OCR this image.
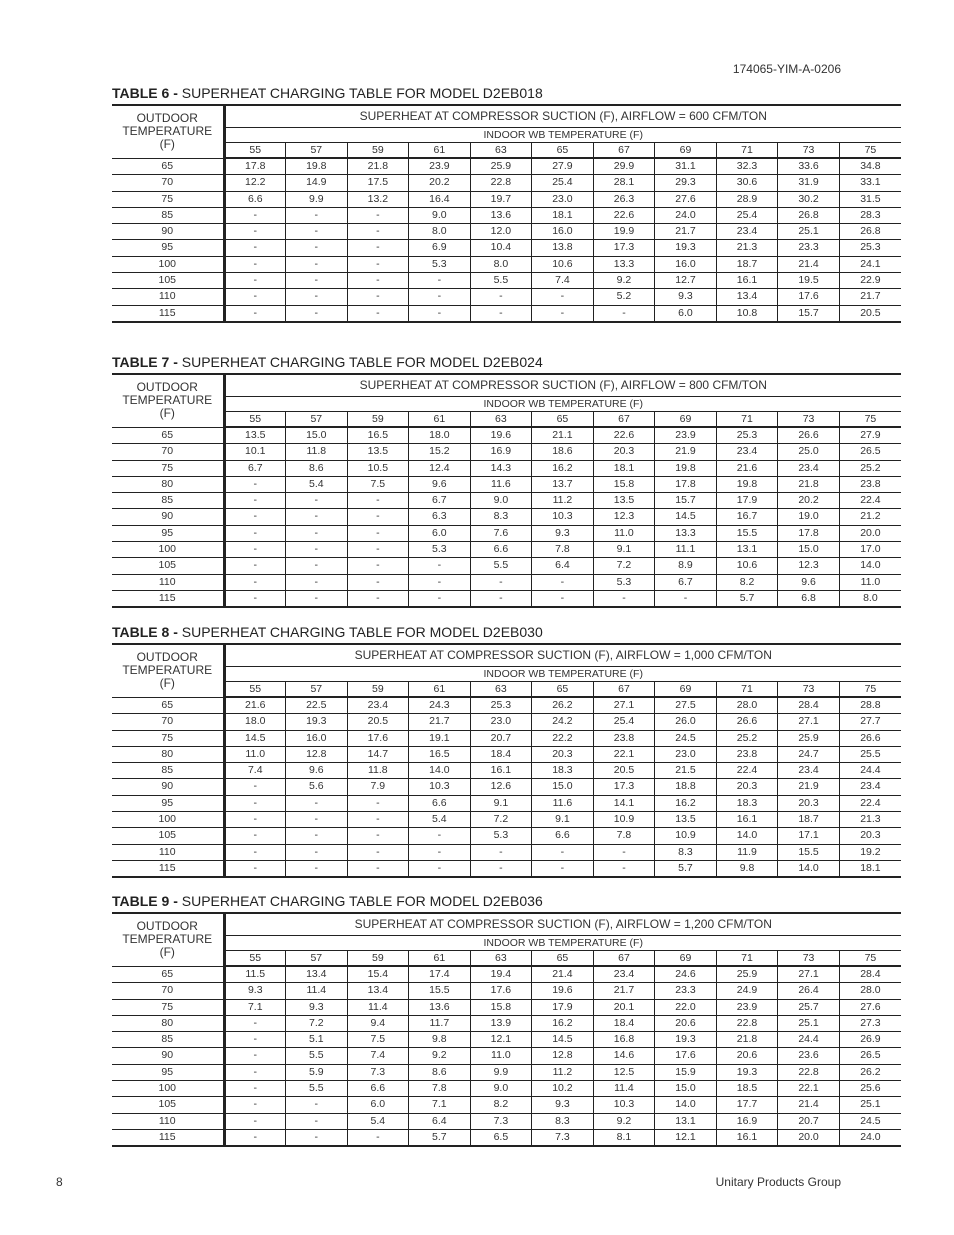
174065-YIM-A-0206
TABLE 6 - SUPERHEAT CHARGING TABLE FOR MODEL D2EB018
OUTDOOR
TEMPERATURE
(F)	SUPERHEAT AT COMPRESSOR SUCTION (F), AIRFLOW = 600 CFM/TON										
	INDOOR WB TEMPERATURE (F)										
	55	57	59	61	63	65	67	69	71	73	75
65	17.8	19.8	21.8	23.9	25.9	27.9	29.9	31.1	32.3	33.6	34.8
70	12.2	14.9	17.5	20.2	22.8	25.4	28.1	29.3	30.6	31.9	33.1
75	6.6	9.9	13.2	16.4	19.7	23.0	26.3	27.6	28.9	30.2	31.5
85	-	-	-	9.0	13.6	18.1	22.6	24.0	25.4	26.8	28.3
90	-	-	-	8.0	12.0	16.0	19.9	21.7	23.4	25.1	26.8
95	-	-	-	6.9	10.4	13.8	17.3	19.3	21.3	23.3	25.3
100	-	-	-	5.3	8.0	10.6	13.3	16.0	18.7	21.4	24.1
105	-	-	-	-	5.5	7.4	9.2	12.7	16.1	19.5	22.9
110	-	-	-	-	-	-	5.2	9.3	13.4	17.6	21.7
115	-	-	-	-	-	-	-	6.0	10.8	15.7	20.5
TABLE 7 - SUPERHEAT CHARGING TABLE FOR MODEL D2EB024
OUTDOOR
TEMPERATURE
(F)	SUPERHEAT AT COMPRESSOR SUCTION (F), AIRFLOW = 800 CFM/TON										
	INDOOR WB TEMPERATURE (F)										
	55	57	59	61	63	65	67	69	71	73	75
65	13.5	15.0	16.5	18.0	19.6	21.1	22.6	23.9	25.3	26.6	27.9
70	10.1	11.8	13.5	15.2	16.9	18.6	20.3	21.9	23.4	25.0	26.5
75	6.7	8.6	10.5	12.4	14.3	16.2	18.1	19.8	21.6	23.4	25.2
80	-	5.4	7.5	9.6	11.6	13.7	15.8	17.8	19.8	21.8	23.8
85	-	-	-	6.7	9.0	11.2	13.5	15.7	17.9	20.2	22.4
90	-	-	-	6.3	8.3	10.3	12.3	14.5	16.7	19.0	21.2
95	-	-	-	6.0	7.6	9.3	11.0	13.3	15.5	17.8	20.0
100	-	-	-	5.3	6.6	7.8	9.1	11.1	13.1	15.0	17.0
105	-	-	-	-	5.5	6.4	7.2	8.9	10.6	12.3	14.0
110	-	-	-	-	-	-	5.3	6.7	8.2	9.6	11.0
115	-	-	-	-	-	-	-	-	5.7	6.8	8.0
TABLE 8 - SUPERHEAT CHARGING TABLE FOR MODEL D2EB030
OUTDOOR
TEMPERATURE
(F)	SUPERHEAT AT COMPRESSOR SUCTION (F), AIRFLOW = 1,000 CFM/TON										
	INDOOR WB TEMPERATURE (F)										
	55	57	59	61	63	65	67	69	71	73	75
65	21.6	22.5	23.4	24.3	25.3	26.2	27.1	27.5	28.0	28.4	28.8
70	18.0	19.3	20.5	21.7	23.0	24.2	25.4	26.0	26.6	27.1	27.7
75	14.5	16.0	17.6	19.1	20.7	22.2	23.8	24.5	25.2	25.9	26.6
80	11.0	12.8	14.7	16.5	18.4	20.3	22.1	23.0	23.8	24.7	25.5
85	7.4	9.6	11.8	14.0	16.1	18.3	20.5	21.5	22.4	23.4	24.4
90	-	5.6	7.9	10.3	12.6	15.0	17.3	18.8	20.3	21.9	23.4
95	-	-	-	6.6	9.1	11.6	14.1	16.2	18.3	20.3	22.4
100	-	-	-	5.4	7.2	9.1	10.9	13.5	16.1	18.7	21.3
105	-	-	-	-	5.3	6.6	7.8	10.9	14.0	17.1	20.3
110	-	-	-	-	-	-	-	8.3	11.9	15.5	19.2
115	-	-	-	-	-	-	-	5.7	9.8	14.0	18.1
TABLE 9 - SUPERHEAT CHARGING TABLE FOR MODEL D2EB036
OUTDOOR
TEMPERATURE
(F)	SUPERHEAT AT COMPRESSOR SUCTION (F), AIRFLOW = 1,200 CFM/TON										
	INDOOR WB TEMPERATURE (F)										
	55	57	59	61	63	65	67	69	71	73	75
65	11.5	13.4	15.4	17.4	19.4	21.4	23.4	24.6	25.9	27.1	28.4
70	9.3	11.4	13.4	15.5	17.6	19.6	21.7	23.3	24.9	26.4	28.0
75	7.1	9.3	11.4	13.6	15.8	17.9	20.1	22.0	23.9	25.7	27.6
80	-	7.2	9.4	11.7	13.9	16.2	18.4	20.6	22.8	25.1	27.3
85	-	5.1	7.5	9.8	12.1	14.5	16.8	19.3	21.8	24.4	26.9
90	-	5.5	7.4	9.2	11.0	12.8	14.6	17.6	20.6	23.6	26.5
95	-	5.9	7.3	8.6	9.9	11.2	12.5	15.9	19.3	22.8	26.2
100	-	5.5	6.6	7.8	9.0	10.2	11.4	15.0	18.5	22.1	25.6
105	-	-	6.0	7.1	8.2	9.3	10.3	14.0	17.7	21.4	25.1
110	-	-	5.4	6.4	7.3	8.3	9.2	13.1	16.9	20.7	24.5
115	-	-	-	5.7	6.5	7.3	8.1	12.1	16.1	20.0	24.0
8	Unitary Products Group
